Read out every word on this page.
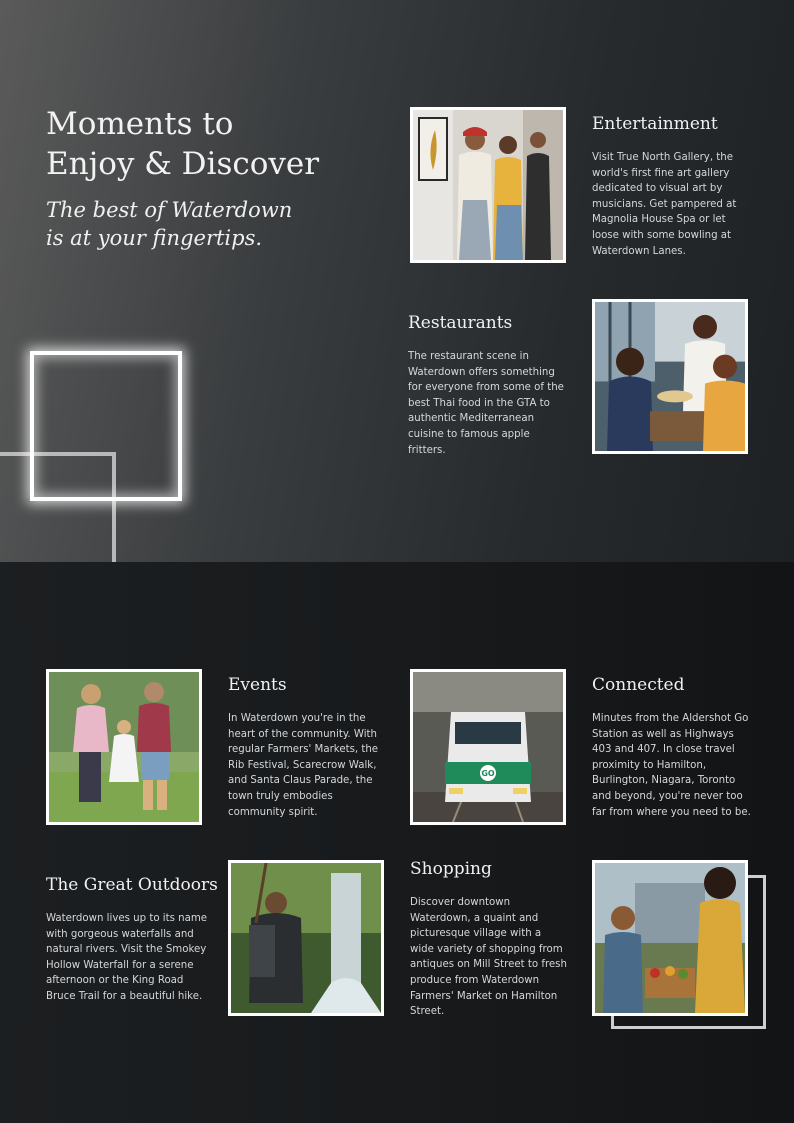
Moments to
Enjoy & Discover

The best of Waterdown
is at your fingertips.

Entertainment

Visit True North Gallery, the world's first fine art gallery dedicated to visual art by musicians. Get pampered at Magnolia House Spa or let loose with some bowling at Waterdown Lanes.

Restaurants

The restaurant scene in Waterdown offers something for everyone from some of the best Thai food in the GTA to authentic Mediterranean cuisine to famous apple fritters.

Events

In Waterdown you're in the heart of the community. With regular Farmers' Markets, the Rib Festival, Scarecrow Walk, and Santa Claus Parade, the town truly embodies community spirit.

GO
Connected

Minutes from the Aldershot Go Station as well as Highways 403 and 407. In close travel proximity to Hamilton, Burlington, Niagara, Toronto and beyond, you're never too far from where you need to be.

The Great Outdoors

Waterdown lives up to its name with gorgeous waterfalls and natural rivers. Visit the Smokey Hollow Waterfall for a serene afternoon or the King Road Bruce Trail for a beautiful hike.

Shopping

Discover downtown Waterdown, a quaint and picturesque village with a wide variety of shopping from antiques on Mill Street to fresh produce from Waterdown Farmers' Market on Hamilton Street.
